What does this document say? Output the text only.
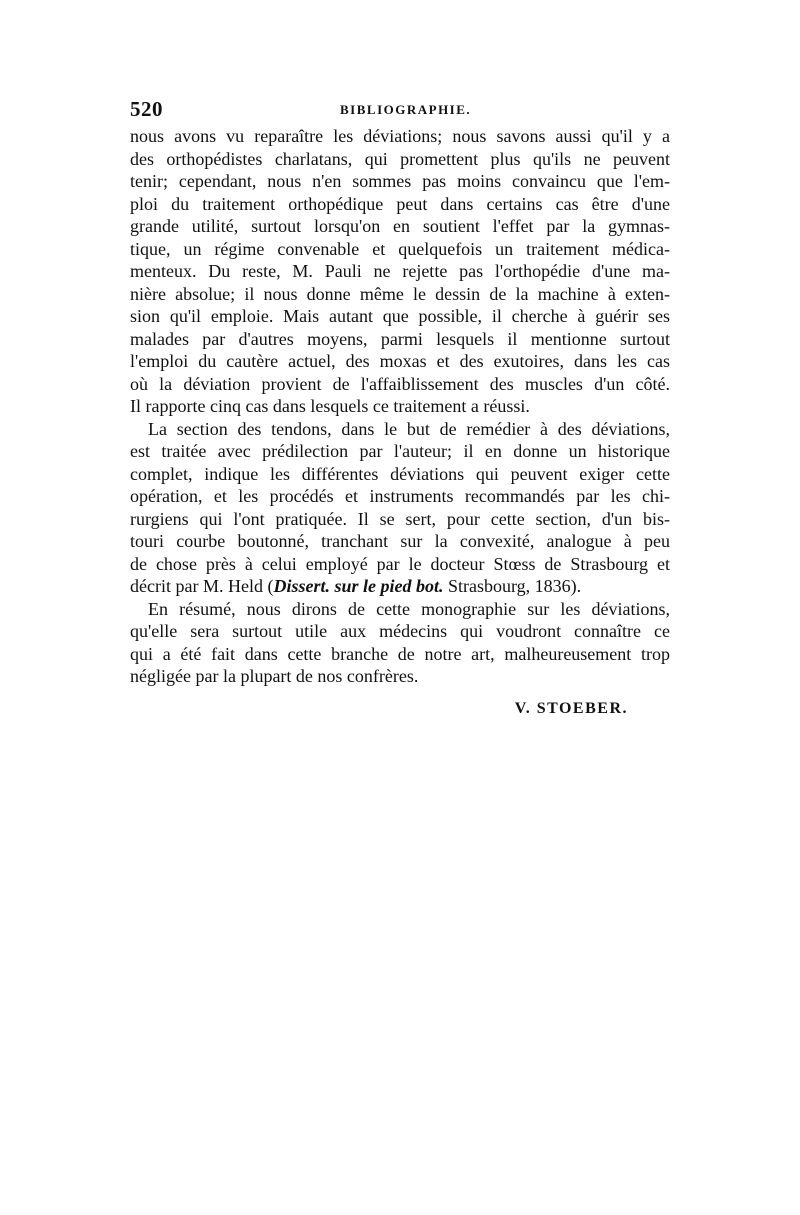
520	BIBLIOGRAPHIE.
nous avons vu reparaître les déviations; nous savons aussi qu'il y a
des orthopédistes charlatans, qui promettent plus qu'ils ne peuvent
tenir; cependant, nous n'en sommes pas moins convaincu que l'em-
ploi du traitement orthopédique peut dans certains cas être d'une
grande utilité, surtout lorsqu'on en soutient l'effet par la gymnas-
tique, un régime convenable et quelquefois un traitement médica-
menteux. Du reste, M. Pauli ne rejette pas l'orthopédie d'une ma-
nière absolue; il nous donne même le dessin de la machine à exten-
sion qu'il emploie. Mais autant que possible, il cherche à guérir ses
malades par d'autres moyens, parmi lesquels il mentionne surtout
l'emploi du cautère actuel, des moxas et des exutoires, dans les cas
où la déviation provient de l'affaiblissement des muscles d'un côté.
Il rapporte cinq cas dans lesquels ce traitement a réussi.
La section des tendons, dans le but de remédier à des déviations,
est traitée avec prédilection par l'auteur; il en donne un historique
complet, indique les différentes déviations qui peuvent exiger cette
opération, et les procédés et instruments recommandés par les chi-
rurgiens qui l'ont pratiquée. Il se sert, pour cette section, d'un bis-
touri courbe boutonné, tranchant sur la convexité, analogue à peu
de chose près à celui employé par le docteur Stœss de Strasbourg et
décrit par M. Held (Dissert. sur le pied bot. Strasbourg, 1836).
En résumé, nous dirons de cette monographie sur les déviations,
qu'elle sera surtout utile aux médecins qui voudront connaître ce
qui a été fait dans cette branche de notre art, malheureusement trop
négligée par la plupart de nos confrères.
V. STOEBER.
